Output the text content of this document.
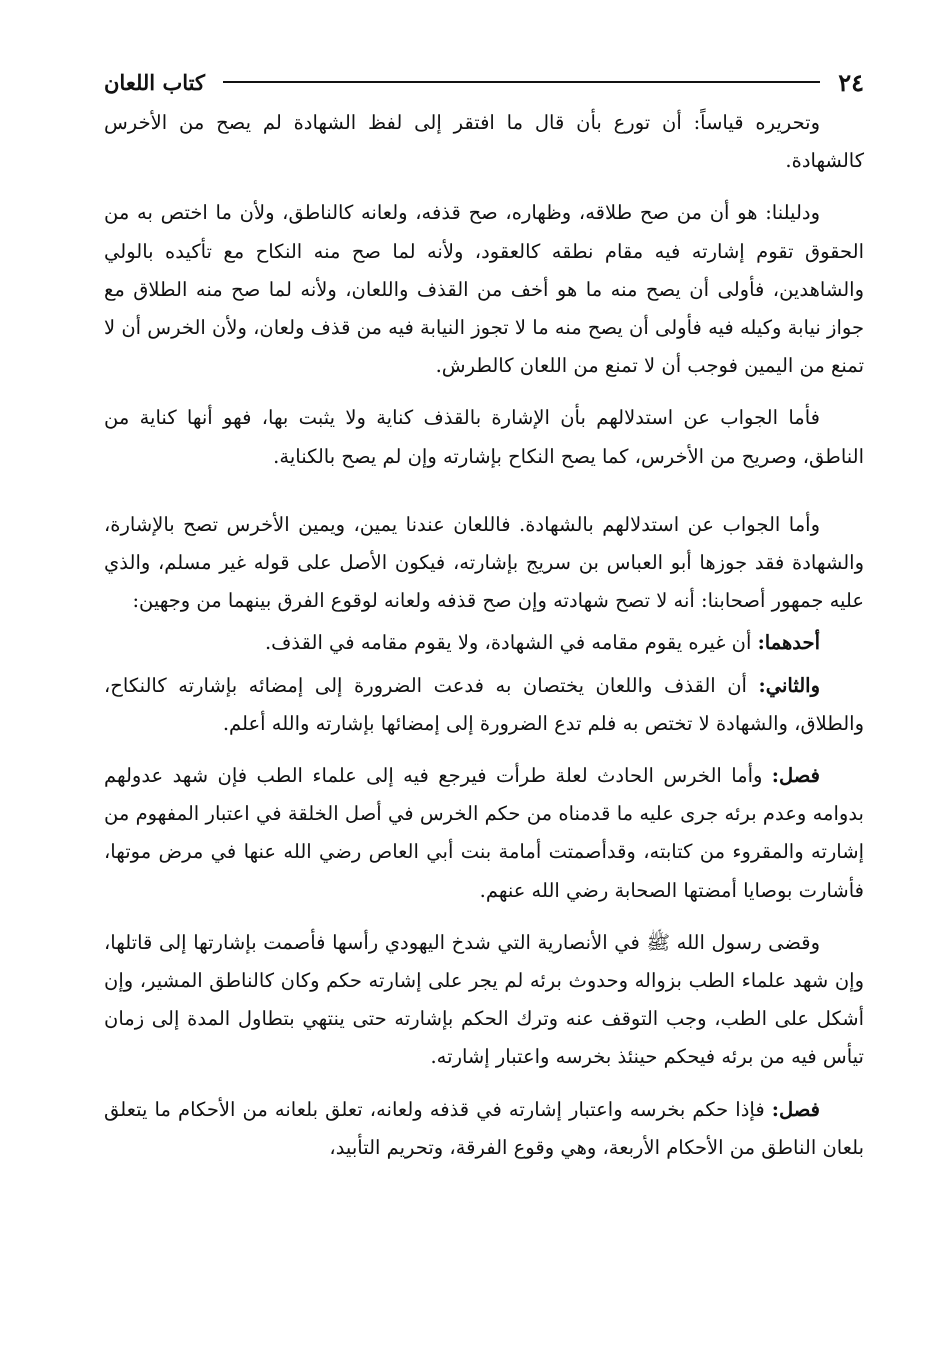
٢٤
كتاب اللعان

وتحريره قياساً: أن تورع بأن قال ما افتقر إلى لفظ الشهادة لم يصح من الأخرس كالشهادة.

ودليلنا: هو أن من صح طلاقه، وظهاره، صح قذفه، ولعانه كالناطق، ولأن ما اختص به من الحقوق تقوم إشارته فيه مقام نطقه كالعقود، ولأنه لما صح منه النكاح مع تأكيده بالولي والشاهدين، فأولى أن يصح منه ما هو أخف من القذف واللعان، ولأنه لما صح منه الطلاق مع جواز نيابة وكيله فيه فأولى أن يصح منه ما لا تجوز النيابة فيه من قذف ولعان، ولأن الخرس أن لا تمنع من اليمين فوجب أن لا تمنع من اللعان كالطرش.

فأما الجواب عن استدلالهم بأن الإشارة بالقذف كناية ولا يثبت بها، فهو أنها كناية من الناطق، وصريح من الأخرس، كما يصح النكاح بإشارته وإن لم يصح بالكناية.

وأما الجواب عن استدلالهم بالشهادة. فاللعان عندنا يمين، ويمين الأخرس تصح بالإشارة، والشهادة فقد جوزها أبو العباس بن سريج بإشارته، فيكون الأصل على قوله غير مسلم، والذي عليه جمهور أصحابنا: أنه لا تصح شهادته وإن صح قذفه ولعانه لوقوع الفرق بينهما من وجهين:

أحدهما: أن غيره يقوم مقامه في الشهادة، ولا يقوم مقامه في القذف.

والثاني: أن القذف واللعان يختصان به فدعت الضرورة إلى إمضائه بإشارته كالنكاح، والطلاق، والشهادة لا تختص به فلم تدع الضرورة إلى إمضائها بإشارته والله أعلم.

فصل: وأما الخرس الحادث لعلة طرأت فيرجع فيه إلى علماء الطب فإن شهد عدولهم بدوامه وعدم برئه جرى عليه ما قدمناه من حكم الخرس في أصل الخلقة في اعتبار المفهوم من إشارته والمقروء من كتابته، وقدأصمتت أمامة بنت أبي العاص رضي الله عنها في مرض موتها، فأشارت بوصايا أمضتها الصحابة رضي الله عنهم.

وقضى رسول الله ﷺ في الأنصارية التي شدخ اليهودي رأسها فأصمت بإشارتها إلى قاتلها، وإن شهد علماء الطب بزواله وحدوث برئه لم يجر على إشارته حكم وكان كالناطق المشير، وإن أشكل على الطب، وجب التوقف عنه وترك الحكم بإشارته حتى ينتهي بتطاول المدة إلى زمان تيأس فيه من برئه فيحكم حينئذ بخرسه واعتبار إشارته.

فصل: فإذا حكم بخرسه واعتبار إشارته في قذفه ولعانه، تعلق بلعانه من الأحكام ما يتعلق بلعان الناطق من الأحكام الأربعة، وهي وقوع الفرقة، وتحريم التأبيد،
